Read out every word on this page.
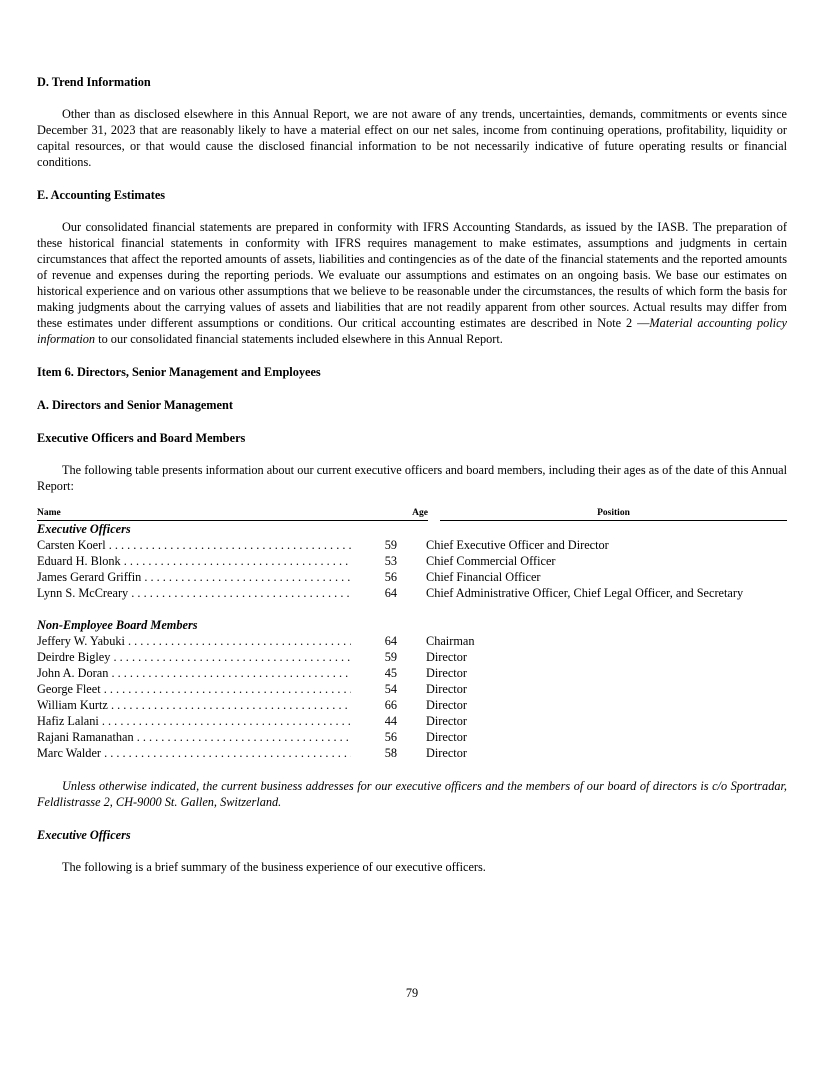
D. Trend Information

Other than as disclosed elsewhere in this Annual Report, we are not aware of any trends, uncertainties, demands, commitments or events since December 31, 2023 that are reasonably likely to have a material effect on our net sales, income from continuing operations, profitability, liquidity or capital resources, or that would cause the disclosed financial information to be not necessarily indicative of future operating results or financial conditions.

E. Accounting Estimates

Our consolidated financial statements are prepared in conformity with IFRS Accounting Standards, as issued by the IASB. The preparation of these historical financial statements in conformity with IFRS requires management to make estimates, assumptions and judgments in certain circumstances that affect the reported amounts of assets, liabilities and contingencies as of the date of the financial statements and the reported amounts of revenue and expenses during the reporting periods. We evaluate our assumptions and estimates on an ongoing basis. We base our estimates on historical experience and on various other assumptions that we believe to be reasonable under the circumstances, the results of which form the basis for making judgments about the carrying values of assets and liabilities that are not readily apparent from other sources. Actual results may differ from these estimates under different assumptions or conditions. Our critical accounting estimates are described in Note 2 —Material accounting policy information to our consolidated financial statements included elsewhere in this Annual Report.

Item 6. Directors, Senior Management and Employees
A. Directors and Senior Management
Executive Officers and Board Members

The following table presents information about our current executive officers and board members, including their ages as of the date of this Annual Report:

Name	Age	Position
Executive Officers
Carsten Koerl . . .	59 Chief Executive Officer and Director
Eduard H. Blonk . . .	53 Chief Commercial Officer
James Gerard Griffin . . .	56 Chief Financial Officer
Lynn S. McCreary . . .	64 Chief Administrative Officer, Chief Legal Officer, and Secretary
Non-Employee Board Members
Jeffery W. Yabuki . . .	64 Chairman
Deirdre Bigley . . .	59 Director
John A. Doran . . .	45 Director
George Fleet . . .	54 Director
William Kurtz . . .	66 Director
Hafiz Lalani . . .	44 Director
Rajani Ramanathan . . .	56 Director
Marc Walder . . .	58 Director

Unless otherwise indicated, the current business addresses for our executive officers and the members of our board of directors is c/o Sportradar, Feldlistrasse 2, CH-9000 St. Gallen, Switzerland.

Executive Officers

The following is a brief summary of the business experience of our executive officers.

79
